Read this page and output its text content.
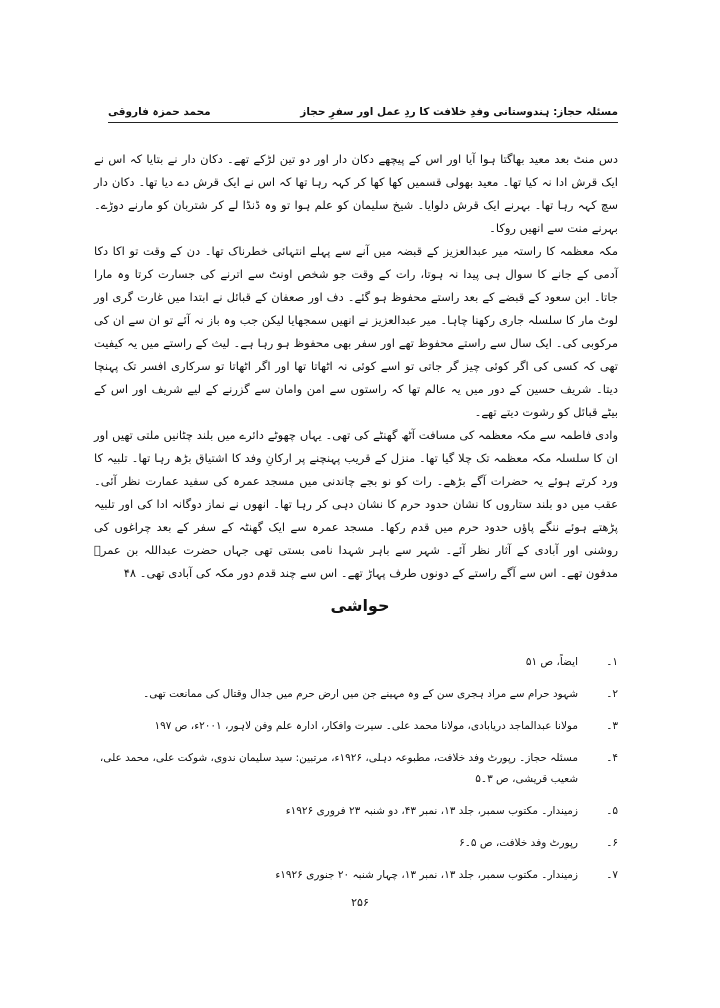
مسئلہ حجاز: ہندوستانی وفدِ خلافت کا ردِ عمل اور سفرِ حجاز
محمد حمزہ فاروقی

دس منٹ بعد معید بھاگتا ہوا آیا اور اس کے پیچھے دکان دار اور دو تین لڑکے تھے۔ دکان دار نے بتایا کہ اس نے ایک قرش ادا نہ کیا تھا۔ معید بھولی قسمیں کھا کھا کر کہہ رہا تھا کہ اس نے ایک قرش دے دیا تھا۔ دکان دار سچ کہہ رہا تھا۔ بہرنے ایک قرش دلوایا۔ شیخ سلیمان کو علم ہوا تو وہ ڈنڈا لے کر شتربان کو مارنے دوڑے۔ بہرنے منت سے انھیں روکا۔

مکہ معظمہ کا راستہ میر عبدالعزیز کے قبضہ میں آنے سے پہلے انتہائی خطرناک تھا۔ دن کے وقت تو اکا دکا آدمی کے جانے کا سوال ہی پیدا نہ ہوتا، رات کے وقت جو شخص اونٹ سے اترنے کی جسارت کرتا وہ مارا جاتا۔ ابن سعود کے قبضے کے بعد راستے محفوظ ہو گئے۔ دف اور صعفان کے قبائل نے ابتدا میں غارت گری اور لوٹ مار کا سلسلہ جاری رکھنا چاہا۔ میر عبدالعزیز نے انھیں سمجھایا لیکن جب وہ باز نہ آئے تو ان سے ان کی مرکوبی کی۔ ایک سال سے راستے محفوظ تھے اور سفر بھی محفوظ ہو رہا ہے۔ لیث کے راستے میں یہ کیفیت تھی کہ کسی کی اگر کوئی چیز گر جاتی تو اسے کوئی نہ اٹھاتا تھا اور اگر اٹھاتا تو سرکاری افسر تک پہنچا دیتا۔ شریف حسین کے دور میں یہ عالم تھا کہ راستوں سے امن وامان سے گزرنے کے لیے شریف اور اس کے بیٹے قبائل کو رشوت دیتے تھے۔

وادی فاطمہ سے مکہ معظمہ کی مسافت آٹھ گھنٹے کی تھی۔ یہاں چھوٹے دائرے میں بلند چٹانیں ملتی تھیں اور ان کا سلسلہ مکہ معظمہ تک چلا گیا تھا۔ منزل کے قریب پہنچنے پر ارکانِ وفد کا اشتیاق بڑھ رہا تھا۔ تلبیہ کا ورد کرتے ہوئے یہ حضرات آگے بڑھے۔ رات کو نو بجے چاندنی میں مسجد عمرہ کی سفید عمارت نظر آئی۔ عقب میں دو بلند ستاروں کا نشان حدود حرم کا نشان دہی کر رہا تھا۔ انھوں نے نماز دوگانہ ادا کی اور تلبیہ پڑھتے ہوئے ننگے پاؤں حدود حرم میں قدم رکھا۔ مسجد عمرہ سے ایک گھنٹہ کے سفر کے بعد چراغوں کی روشنی اور آبادی کے آثار نظر آئے۔ شہر سے باہر شہدا نامی بستی تھی جہاں حضرت عبداللہ بن عمرؓ مدفون تھے۔ اس سے آگے راستے کے دونوں طرف پہاڑ تھے۔ اس سے چند قدم دور مکہ کی آبادی تھی۔ ۴۸

حواشی
۱۔
ایضاً، ص ۵۱
۲۔
شہود حرام سے مراد ہجری سن کے وہ مہینے جن میں ارض حرم میں جدال وقتال کی ممانعت تھی۔
۳۔
مولانا عبدالماجد دریابادی، مولانا محمد علی۔ سیرت وافکار، ادارہ علم وفن لاہور، ۲۰۰۱ء، ص ۱۹۷
۴۔
مسئلہ حجاز۔ رپورٹ وفد خلافت، مطبوعہ دہلی، ۱۹۲۶ء، مرتبین: سید سلیمان ندوی، شوکت علی، محمد علی، شعیب قریشی، ص ۳۔۵
۵۔
زمیندار۔ مکتوب سمبر، جلد ۱۳، نمبر ۴۳، دو شنبہ ۲۳ فروری ۱۹۲۶ء
۶۔
رپورٹ وفد خلافت، ص ۵۔۶
۷۔
زمیندار۔ مکتوب سمبر، جلد ۱۳، نمبر ۱۳، چہار شنبہ ۲۰ جنوری ۱۹۲۶ء
۲۵۶
